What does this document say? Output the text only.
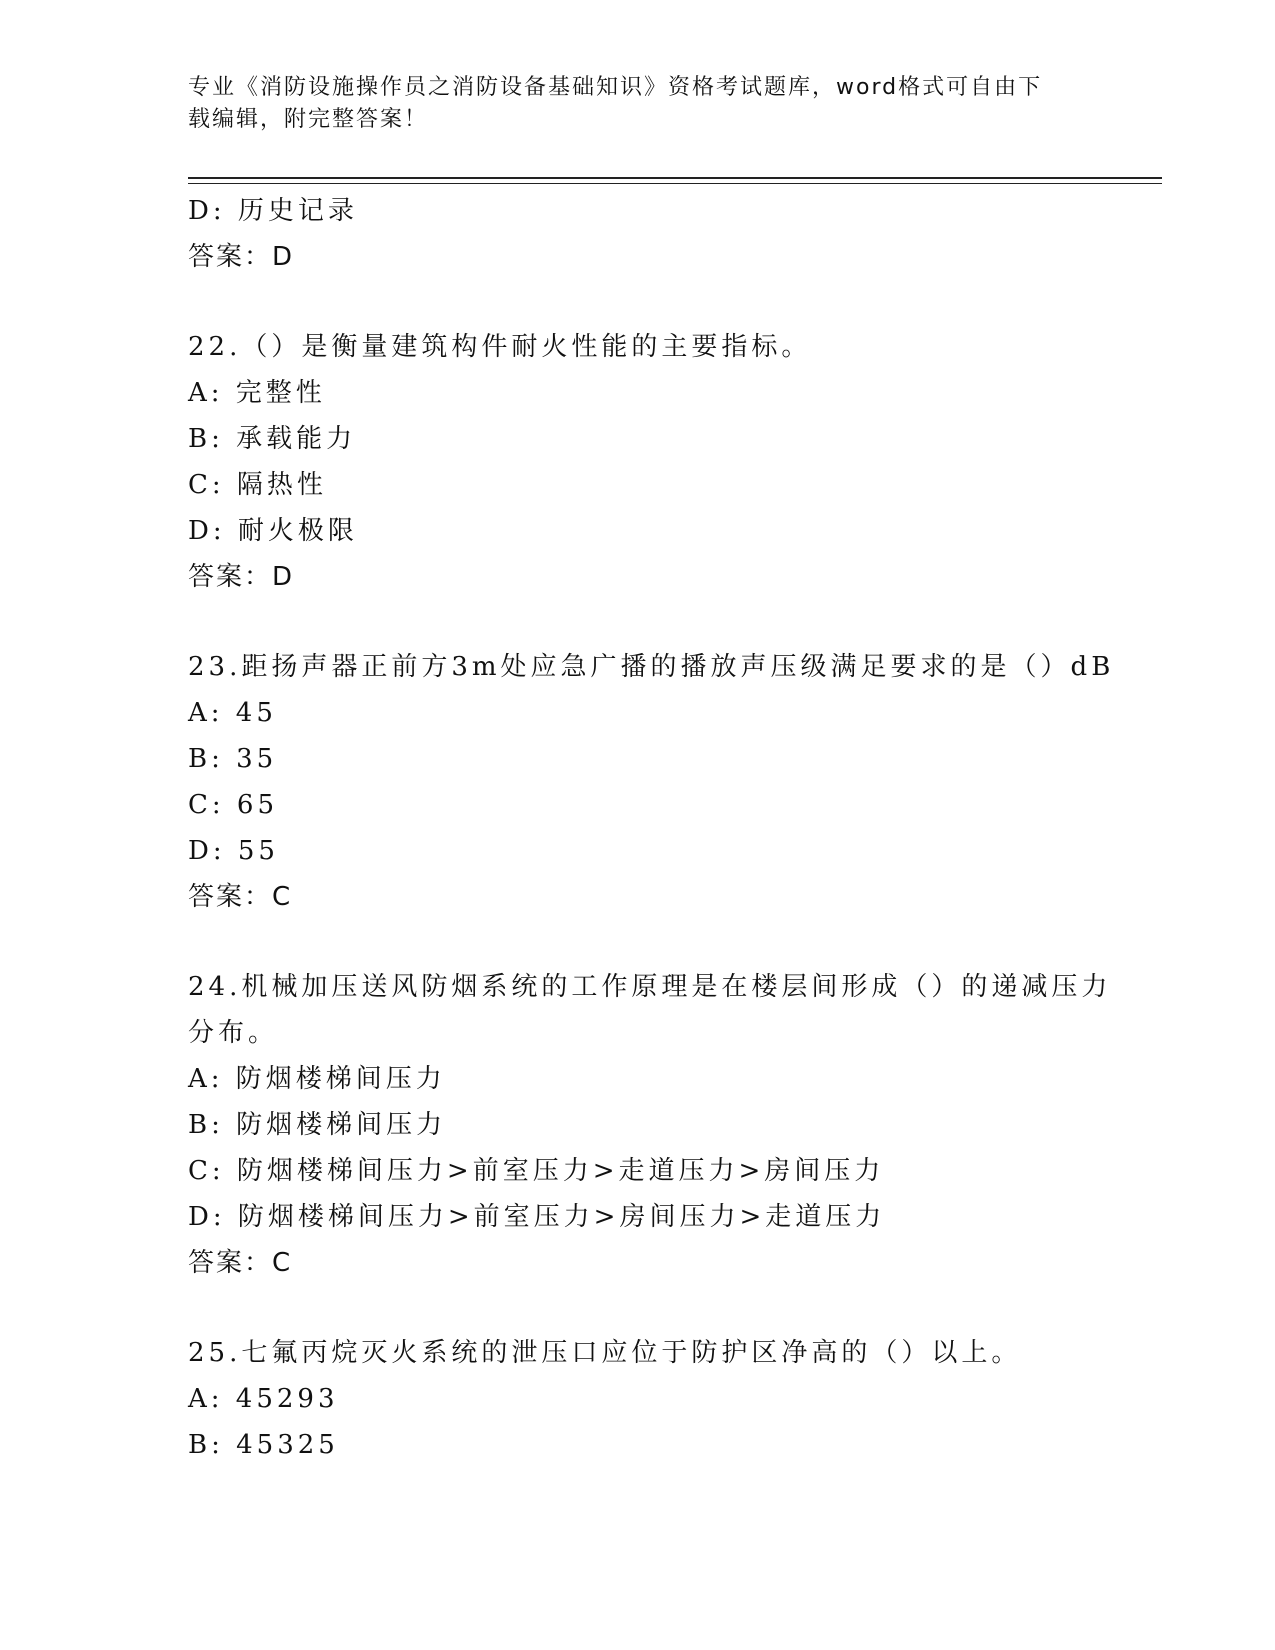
专业《消防设施操作员之消防设备基础知识》资格考试题库，word格式可自由下
载编辑，附完整答案！
D: 历史记录
答案：D
22.（）是衡量建筑构件耐火性能的主要指标。
A: 完整性
B: 承载能力
C: 隔热性
D: 耐火极限
答案：D
23.距扬声器正前方3m处应急广播的播放声压级满足要求的是（）dB
A: 45
B: 35
C: 65
D: 55
答案：C
24.机械加压送风防烟系统的工作原理是在楼层间形成（）的递减压力
分布。
A: 防烟楼梯间压力
B: 防烟楼梯间压力
C: 防烟楼梯间压力>前室压力>走道压力>房间压力
D: 防烟楼梯间压力>前室压力>房间压力>走道压力
答案：C
25.七氟丙烷灭火系统的泄压口应位于防护区净高的（）以上。
A: 45293
B: 45325
